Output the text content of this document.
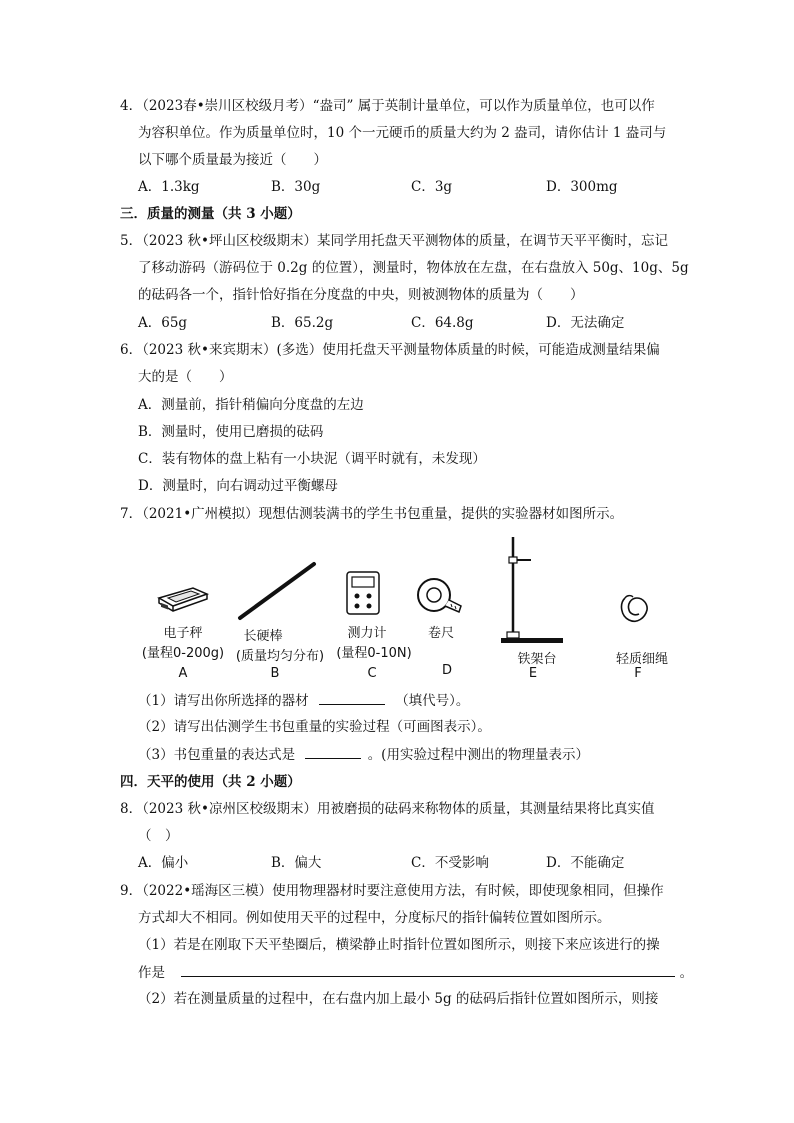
4．（2023春•崇川区校级月考）“盎司” 属于英制计量单位，可以作为质量单位，也可以作
为容积单位。作为质量单位时，10 个一元硬币的质量大约为 2 盎司，请你估计 1 盎司与
以下哪个质量最为接近（　　）
A．1.3kg	B．30g	C．3g	D．300mg
三．质量的测量（共 3 小题）
5．（2023 秋•坪山区校级期末）某同学用托盘天平测物体的质量，在调节天平平衡时，忘记
了移动游码（游码位于 0.2g 的位置），测量时，物体放在左盘，在右盘放入 50g、10g、5g
的砝码各一个，指针恰好指在分度盘的中央，则被测物体的质量为（　　）
A．65g	B．65.2g	C．64.8g	D．无法确定
6．（2023 秋•来宾期末）(多选）使用托盘天平测量物体质量的时候，可能造成测量结果偏
大的是（　　）
A．测量前，指针稍偏向分度盘的左边
B．测量时，使用已磨损的砝码
C．装有物体的盘上粘有一小块泥（调平时就有，未发现）
D．测量时，向右调动过平衡螺母
7．（2021•广州模拟）现想估测装满书的学生书包重量，提供的实验器材如图所示。
电子秤
(量程0-200g)
A
长硬棒
(质量均匀分布)
B
测力计
(量程0-10N)
C
卷尺
D
铁架台
E
轻质细绳
F
（1）请写出你所选择的器材	（填代号）。
（2）请写出估测学生书包重量的实验过程（可画图表示）。
（3）书包重量的表达式是	。(用实验过程中测出的物理量表示）
四．天平的使用（共 2 小题）
8．（2023 秋•凉州区校级期末）用被磨损的砝码来称物体的质量，其测量结果将比真实值
（　）
A．偏小	B．偏大	C．不受影响	D．不能确定
9．（2022•瑶海区三模）使用物理器材时要注意使用方法，有时候，即使现象相同，但操作
方式却大不相同。例如使用天平的过程中，分度标尺的指针偏转位置如图所示。
（1）若是在刚取下天平垫圈后，横梁静止时指针位置如图所示，则接下来应该进行的操
作是	。
（2）若在测量质量的过程中，在右盘内加上最小 5g 的砝码后指针位置如图所示，则接
